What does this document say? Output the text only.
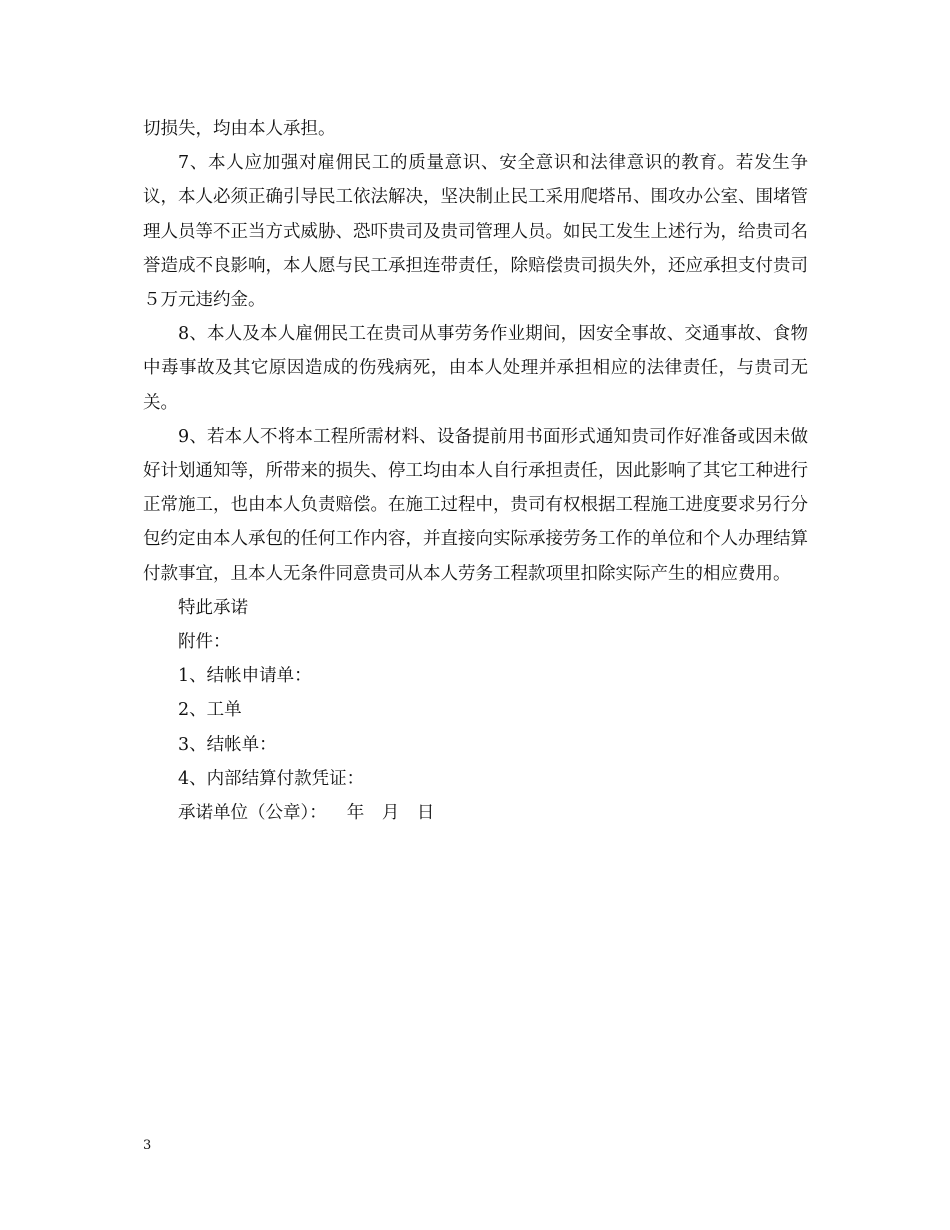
切损失，均由本人承担。

7、本人应加强对雇佣民工的质量意识、安全意识和法律意识的教育。若发生争议，本人必须正确引导民工依法解决，坚决制止民工采用爬塔吊、围攻办公室、围堵管理人员等不正当方式威胁、恐吓贵司及贵司管理人员。如民工发生上述行为，给贵司名誉造成不良影响，本人愿与民工承担连带责任，除赔偿贵司损失外，还应承担支付贵司５万元违约金。

8、本人及本人雇佣民工在贵司从事劳务作业期间，因安全事故、交通事故、食物中毒事故及其它原因造成的伤残病死，由本人处理并承担相应的法律责任，与贵司无关。

9、若本人不将本工程所需材料、设备提前用书面形式通知贵司作好准备或因未做好计划通知等，所带来的损失、停工均由本人自行承担责任，因此影响了其它工种进行正常施工，也由本人负责赔偿。在施工过程中，贵司有权根据工程施工进度要求另行分包约定由本人承包的任何工作内容，并直接向实际承接劳务工作的单位和个人办理结算付款事宜，且本人无条件同意贵司从本人劳务工程款项里扣除实际产生的相应费用。

特此承诺

附件：

1、结帐申请单：

2、工单

3、结帐单：

4、内部结算付款凭证：

承诺单位（公章）： 年 月 日

3
